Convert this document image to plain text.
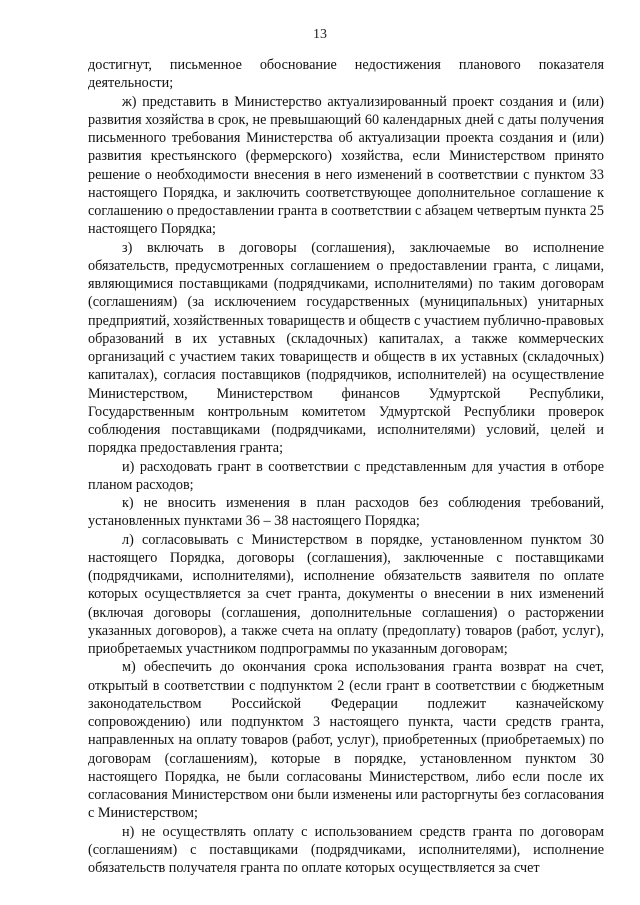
13

достигнут, письменное обоснование недостижения планового показателя деятельности;

ж) представить в Министерство актуализированный проект создания и (или) развития хозяйства в срок, не превышающий 60 календарных дней с даты получения письменного требования Министерства об актуализации проекта создания и (или) развития крестьянского (фермерского) хозяйства, если Министерством принято решение о необходимости внесения в него изменений в соответствии с пунктом 33 настоящего Порядка, и заключить соответствующее дополнительное соглашение к соглашению о предоставлении гранта в соответствии с абзацем четвертым пункта 25 настоящего Порядка;

з) включать в договоры (соглашения), заключаемые во исполнение обязательств, предусмотренных соглашением о предоставлении гранта, с лицами, являющимися поставщиками (подрядчиками, исполнителями) по таким договорам (соглашениям) (за исключением государственных (муниципальных) унитарных предприятий, хозяйственных товариществ и обществ с участием публично-правовых образований в их уставных (складочных) капиталах, а также коммерческих организаций с участием таких товариществ и обществ в их уставных (складочных) капиталах), согласия поставщиков (подрядчиков, исполнителей) на осуществление Министерством, Министерством финансов Удмуртской Республики, Государственным контрольным комитетом Удмуртской Республики проверок соблюдения поставщиками (подрядчиками, исполнителями) условий, целей и порядка предоставления гранта;

и) расходовать грант в соответствии с представленным для участия в отборе планом расходов;

к) не вносить изменения в план расходов без соблюдения требований, установленных пунктами 36 – 38 настоящего Порядка;

л) согласовывать с Министерством в порядке, установленном пунктом 30 настоящего Порядка, договоры (соглашения), заключенные с поставщиками (подрядчиками, исполнителями), исполнение обязательств заявителя по оплате которых осуществляется за счет гранта, документы о внесении в них изменений (включая договоры (соглашения, дополнительные соглашения) о расторжении указанных договоров), а также счета на оплату (предоплату) товаров (работ, услуг), приобретаемых участником подпрограммы по указанным договорам;

м) обеспечить до окончания срока использования гранта возврат на счет, открытый в соответствии с подпунктом 2 (если грант в соответствии с бюджетным законодательством Российской Федерации подлежит казначейскому сопровождению) или подпунктом 3 настоящего пункта, части средств гранта, направленных на оплату товаров (работ, услуг), приобретенных (приобретаемых) по договорам (соглашениям), которые в порядке, установленном пунктом 30 настоящего Порядка, не были согласованы Министерством, либо если после их согласования Министерством они были изменены или расторгнуты без согласования с Министерством;

н) не осуществлять оплату с использованием средств гранта по договорам (соглашениям) с поставщиками (подрядчиками, исполнителями), исполнение обязательств получателя гранта по оплате которых осуществляется за счет
